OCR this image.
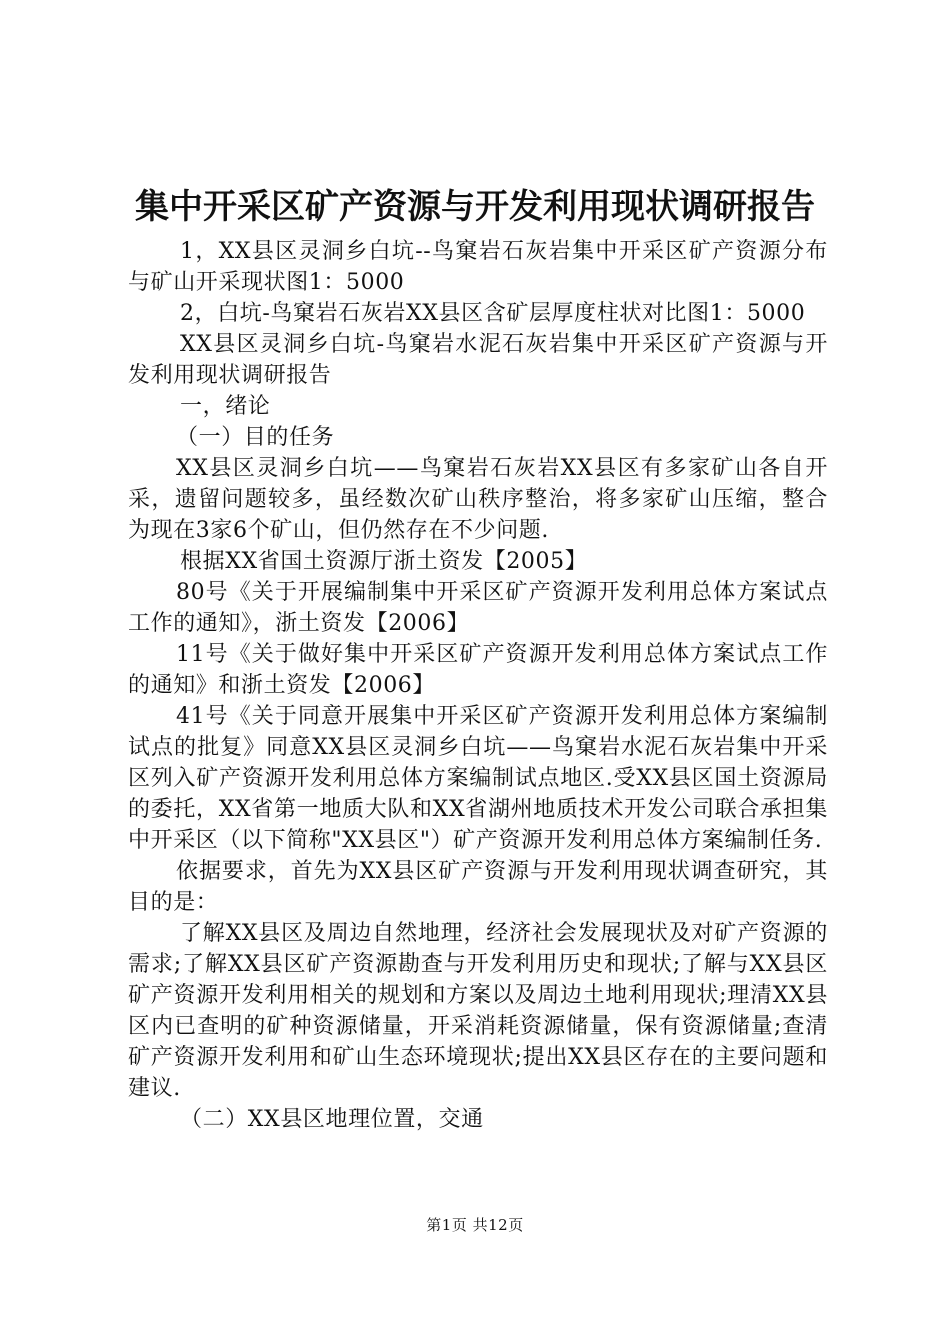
集中开采区矿产资源与开发利用现状调研报告

1，XX县区灵洞乡白坑--鸟窠岩石灰岩集中开采区矿产资源分布与矿山开采现状图1：5000

2，白坑-鸟窠岩石灰岩XX县区含矿层厚度柱状对比图1：5000

XX县区灵洞乡白坑-鸟窠岩水泥石灰岩集中开采区矿产资源与开发利用现状调研报告

一，绪论

（一）目的任务

XX县区灵洞乡白坑——鸟窠岩石灰岩XX县区有多家矿山各自开采，遗留问题较多，虽经数次矿山秩序整治，将多家矿山压缩，整合为现在3家6个矿山，但仍然存在不少问题.

根据XX省国土资源厅浙土资发【2005】

80号《关于开展编制集中开采区矿产资源开发利用总体方案试点工作的通知》，浙土资发【2006】

11号《关于做好集中开采区矿产资源开发利用总体方案试点工作的通知》和浙土资发【2006】

41号《关于同意开展集中开采区矿产资源开发利用总体方案编制试点的批复》同意XX县区灵洞乡白坑——鸟窠岩水泥石灰岩集中开采区列入矿产资源开发利用总体方案编制试点地区.受XX县区国土资源局的委托，XX省第一地质大队和XX省湖州地质技术开发公司联合承担集中开采区（以下简称"XX县区"）矿产资源开发利用总体方案编制任务.

依据要求，首先为XX县区矿产资源与开发利用现状调查研究，其目的是：

了解XX县区及周边自然地理，经济社会发展现状及对矿产资源的需求;了解XX县区矿产资源勘查与开发利用历史和现状;了解与XX县区矿产资源开发利用相关的规划和方案以及周边土地利用现状;理清XX县区内已查明的矿种资源储量，开采消耗资源储量，保有资源储量;查清矿产资源开发利用和矿山生态环境现状;提出XX县区存在的主要问题和建议.

（二）XX县区地理位置，交通

第1页 共12页
